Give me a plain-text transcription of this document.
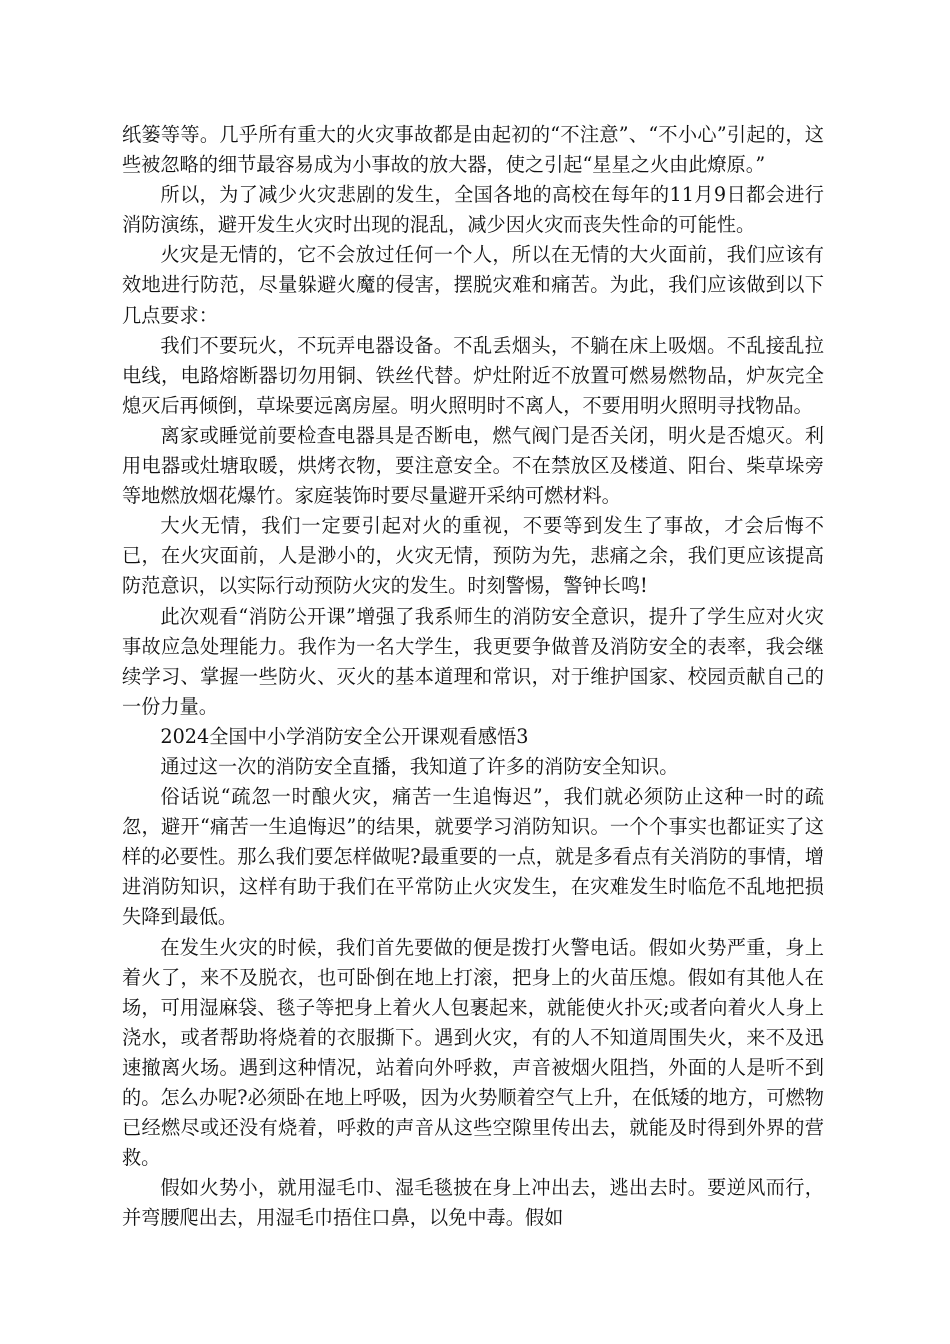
纸篓等等。几乎所有重大的火灾事故都是由起初的“不注意”、“不小心”引起的，这些被忽略的细节最容易成为小事故的放大器，使之引起“星星之火由此燎原。”

所以，为了减少火灾悲剧的发生，全国各地的高校在每年的11月9日都会进行消防演练，避开发生火灾时出现的混乱，减少因火灾而丧失性命的可能性。

火灾是无情的，它不会放过任何一个人，所以在无情的大火面前，我们应该有效地进行防范，尽量躲避火魔的侵害，摆脱灾难和痛苦。为此，我们应该做到以下几点要求：

我们不要玩火，不玩弄电器设备。不乱丢烟头，不躺在床上吸烟。不乱接乱拉电线，电路熔断器切勿用铜、铁丝代替。炉灶附近不放置可燃易燃物品，炉灰完全熄灭后再倾倒，草垛要远离房屋。明火照明时不离人，不要用明火照明寻找物品。

离家或睡觉前要检查电器具是否断电，燃气阀门是否关闭，明火是否熄灭。利用电器或灶塘取暖，烘烤衣物，要注意安全。不在禁放区及楼道、阳台、柴草垛旁等地燃放烟花爆竹。家庭装饰时要尽量避开采纳可燃材料。

大火无情，我们一定要引起对火的重视，不要等到发生了事故，才会后悔不已，在火灾面前，人是渺小的，火灾无情，预防为先，悲痛之余，我们更应该提高防范意识，以实际行动预防火灾的发生。时刻警惕，警钟长鸣!

此次观看“消防公开课”增强了我系师生的消防安全意识，提升了学生应对火灾事故应急处理能力。我作为一名大学生，我更要争做普及消防安全的表率，我会继续学习、掌握一些防火、灭火的基本道理和常识，对于维护国家、校园贡献自己的一份力量。

2024全国中小学消防安全公开课观看感悟3

通过这一次的消防安全直播，我知道了许多的消防安全知识。

俗话说“疏忽一时酿火灾，痛苦一生追悔迟”，我们就必须防止这种一时的疏忽，避开“痛苦一生追悔迟”的结果，就要学习消防知识。一个个事实也都证实了这样的必要性。那么我们要怎样做呢?最重要的一点，就是多看点有关消防的事情，增进消防知识，这样有助于我们在平常防止火灾发生，在灾难发生时临危不乱地把损失降到最低。

在发生火灾的时候，我们首先要做的便是拨打火警电话。假如火势严重，身上着火了，来不及脱衣，也可卧倒在地上打滚，把身上的火苗压熄。假如有其他人在场，可用湿麻袋、毯子等把身上着火人包裹起来，就能使火扑灭;或者向着火人身上浇水，或者帮助将烧着的衣服撕下。遇到火灾，有的人不知道周围失火，来不及迅速撤离火场。遇到这种情况，站着向外呼救，声音被烟火阻挡，外面的人是听不到的。怎么办呢?必须卧在地上呼吸，因为火势顺着空气上升，在低矮的地方，可燃物已经燃尽或还没有烧着，呼救的声音从这些空隙里传出去，就能及时得到外界的营救。

假如火势小，就用湿毛巾、湿毛毯披在身上冲出去，逃出去时。要逆风而行，并弯腰爬出去，用湿毛巾捂住口鼻，以免中毒。假如
